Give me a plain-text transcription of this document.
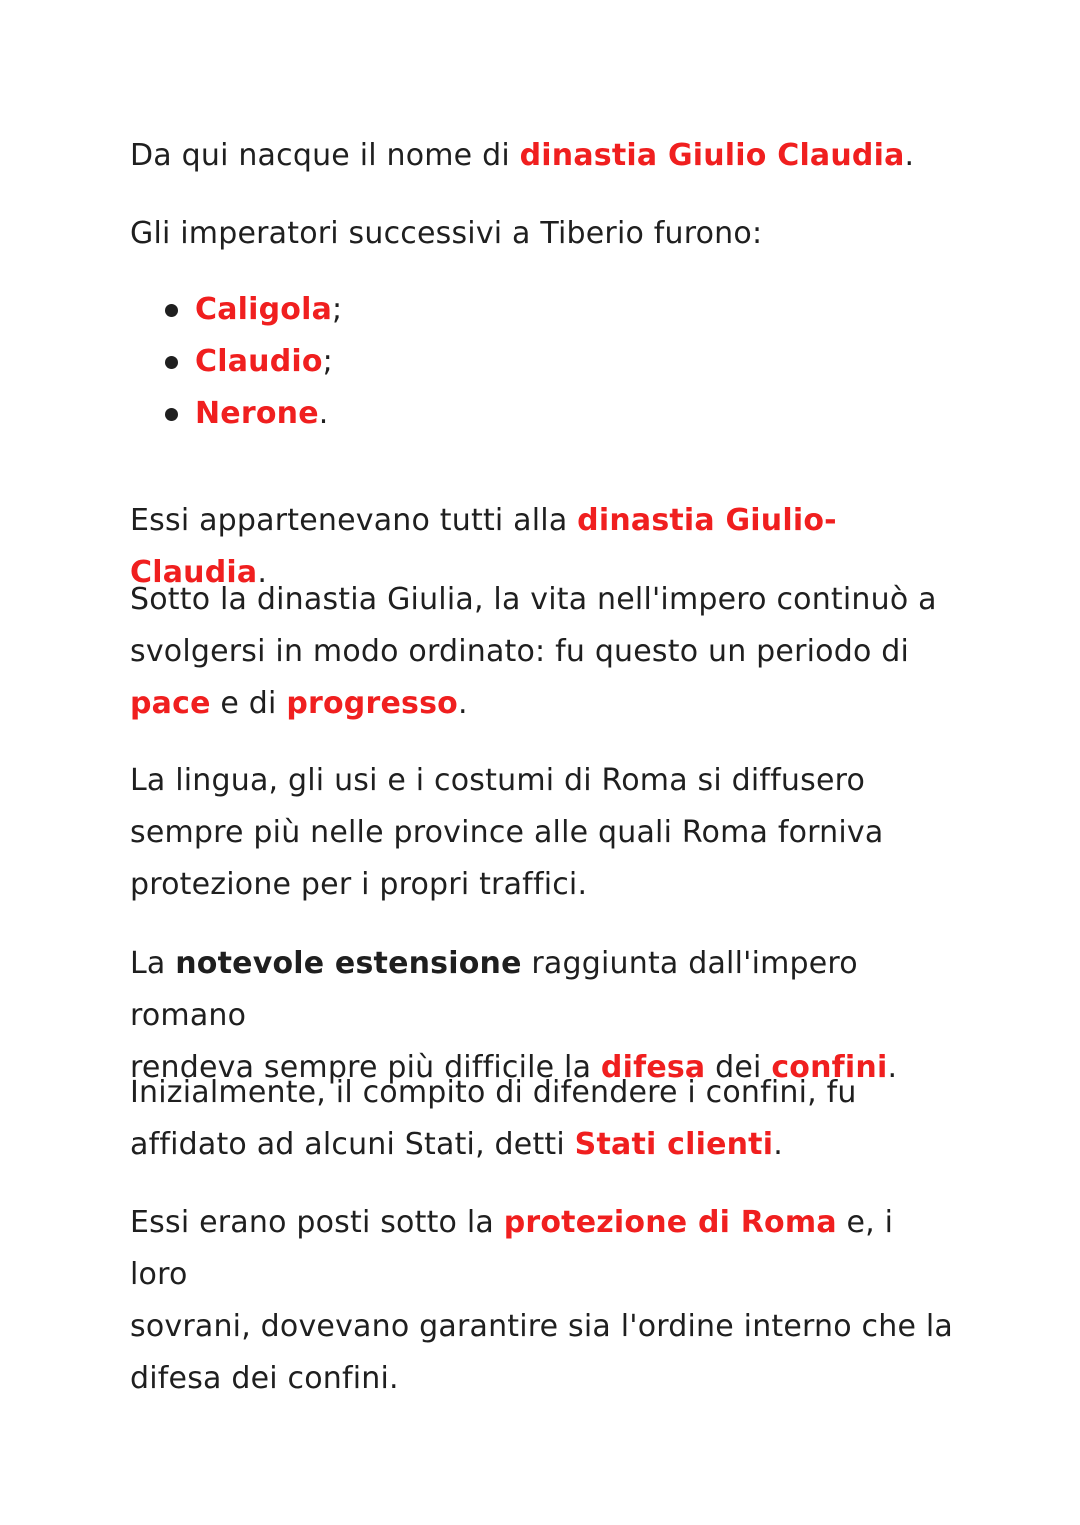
Da qui nacque il nome di dinastia Giulio Claudia.

Gli imperatori successivi a Tiberio furono:

Caligola;
Claudio;
Nerone.

Essi appartenevano tutti alla dinastia Giulio-Claudia.

Sotto la dinastia Giulia, la vita nell'impero continuò a
svolgersi in modo ordinato: fu questo un periodo di
pace e di progresso.

La lingua, gli usi e i costumi di Roma si diffusero
sempre più nelle province alle quali Roma forniva
protezione per i propri traffici.

La notevole estensione raggiunta dall'impero romano
rendeva sempre più difficile la difesa dei confini.

Inizialmente, il compito di difendere i confini, fu
affidato ad alcuni Stati, detti Stati clienti.

Essi erano posti sotto la protezione di Roma e, i loro
sovrani, dovevano garantire sia l'ordine interno che la
difesa dei confini.
